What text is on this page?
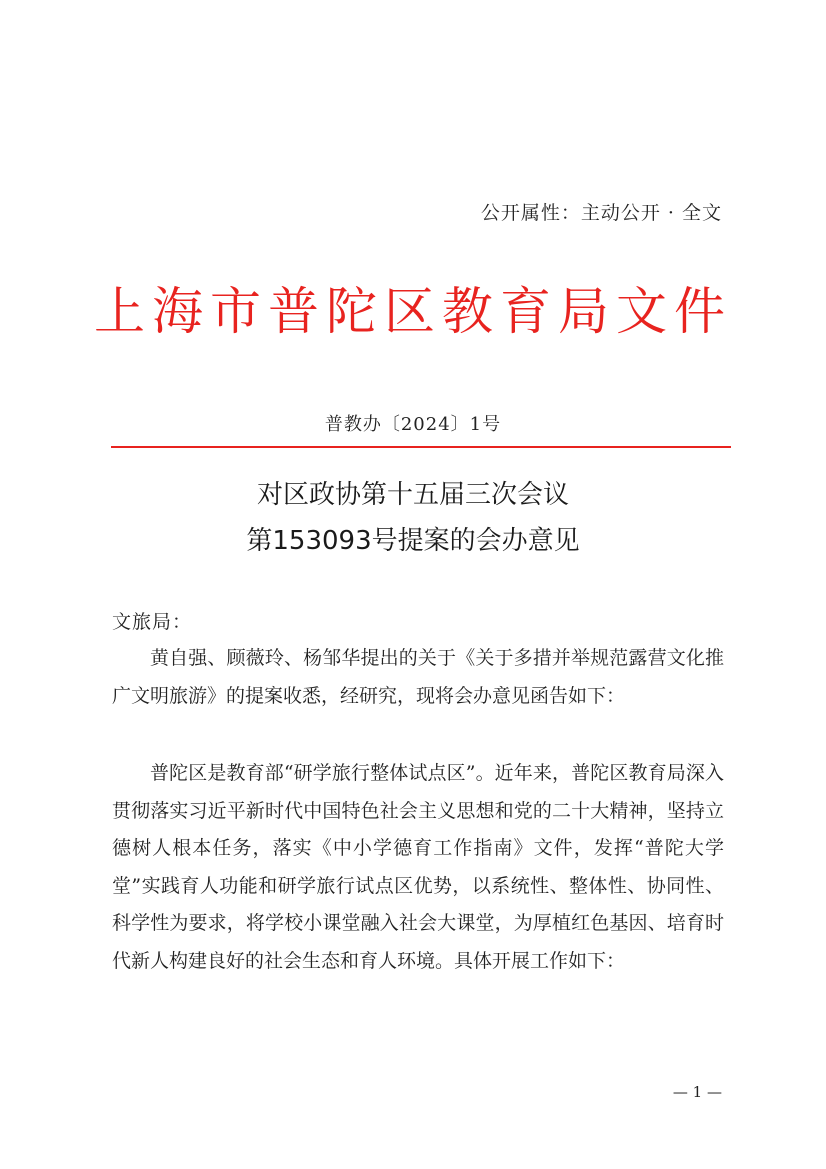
公开属性：主动公开 · 全文
上海市普陀区教育局文件
普教办〔2024〕1号
对区政协第十五届三次会议
第153093号提案的会办意见
文旅局：
黄自强、顾薇玲、杨邹华提出的关于《关于多措并举规范露营文化推广文明旅游》的提案收悉，经研究，现将会办意见函告如下：
普陀区是教育部“研学旅行整体试点区”。近年来，普陀区教育局深入贯彻落实习近平新时代中国特色社会主义思想和党的二十大精神，坚持立德树人根本任务，落实《中小学德育工作指南》文件，发挥“普陀大学堂”实践育人功能和研学旅行试点区优势，以系统性、整体性、协同性、科学性为要求，将学校小课堂融入社会大课堂，为厚植红色基因、培育时代新人构建良好的社会生态和育人环境。具体开展工作如下：
— 1 —
